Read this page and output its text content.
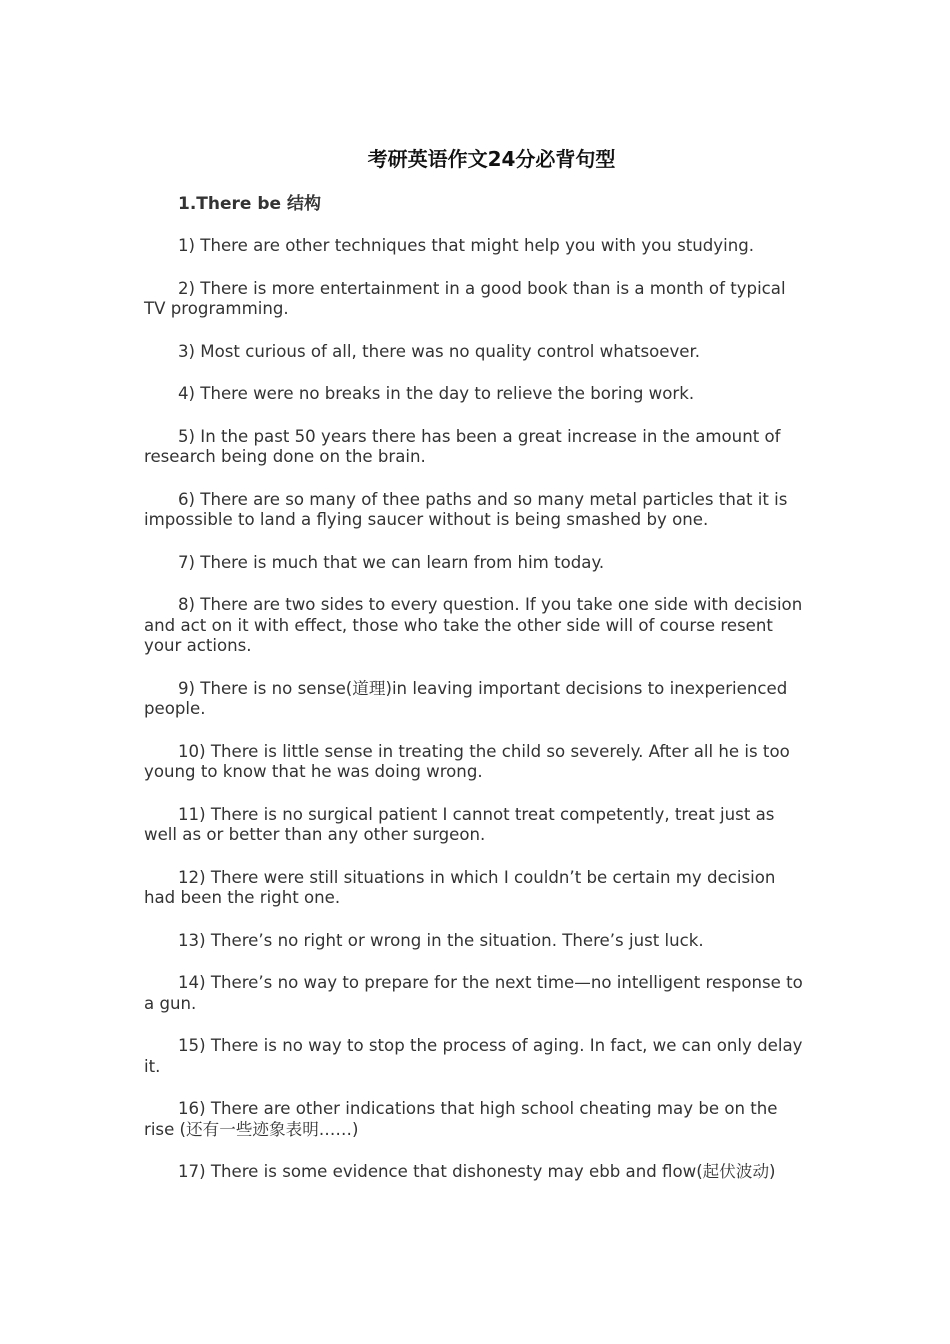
考研英语作文24分必背句型
1.There be 结构
1) There are other techniques that might help you with you studying.
2) There is more entertainment in a good book than is a month of typical TV programming.
3) Most curious of all, there was no quality control whatsoever.
4) There were no breaks in the day to relieve the boring work.
5) In the past 50 years there has been a great increase in the amount of research being done on the brain.
6) There are so many of thee paths and so many metal particles that it is impossible to land a flying saucer without is being smashed by one.
7) There is much that we can learn from him today.
8) There are two sides to every question. If you take one side with decision and act on it with effect, those who take the other side will of course resent your actions.
9) There is no sense(道理)in leaving important decisions to inexperienced people.
10) There is little sense in treating the child so severely. After all he is too young to know that he was doing wrong.
11) There is no surgical patient I cannot treat competently, treat just as well as or better than any other surgeon.
12) There were still situations in which I couldn’t be certain my decision had been the right one.
13) There’s no right or wrong in the situation. There’s just luck.
14) There’s no way to prepare for the next time—no intelligent response to a gun.
15) There is no way to stop the process of aging. In fact, we can only delay it.
16) There are other indications that high school cheating may be on the rise (还有一些迹象表明……)
17) There is some evidence that dishonesty may ebb and flow(起伏波动)
